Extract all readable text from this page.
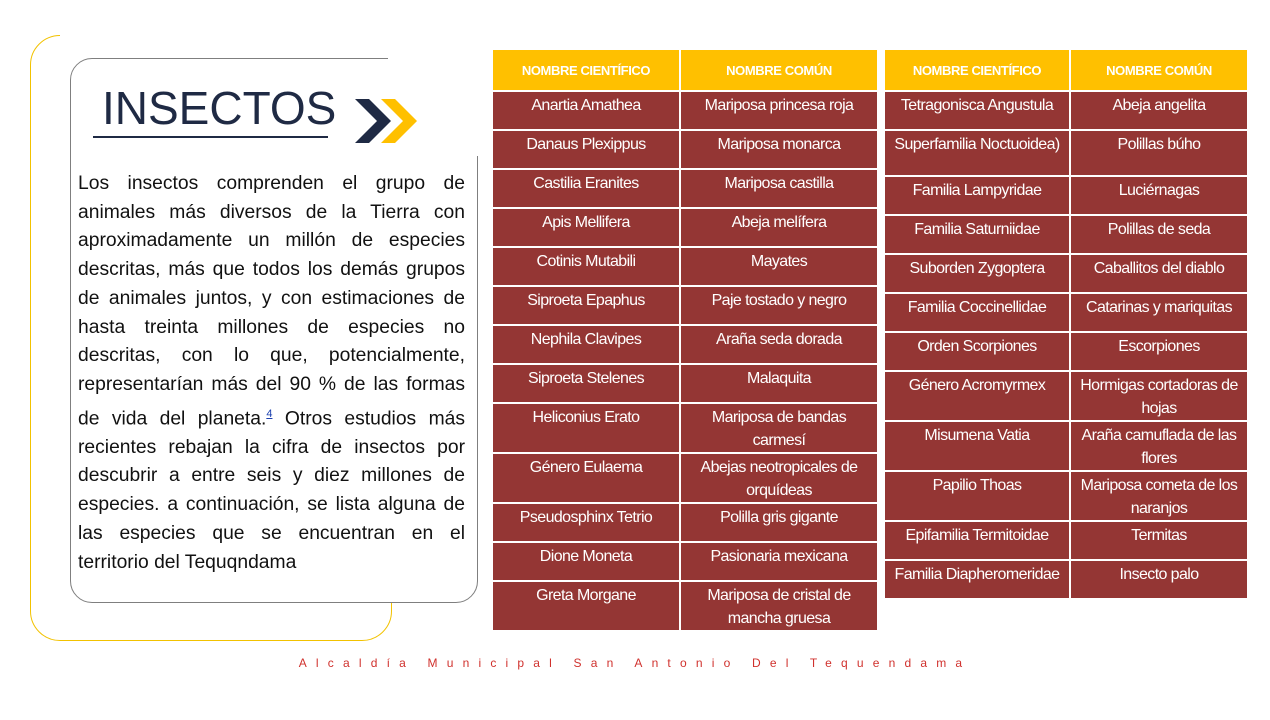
INSECTOS
Los insectos comprenden el grupo de animales más diversos de la Tierra con aproximadamente un millón de especies descritas, más que todos los demás grupos de animales juntos, y con estimaciones de hasta treinta millones de especies no descritas, con lo que, potencialmente, representarían más del 90 % de las formas de vida del planeta.$^4$ Otros estudios más recientes rebajan la cifra de insectos por descubrir a entre seis y diez millones de especies. a continuación, se lista alguna de las especies que se encuentran en el territorio del Tequqndama
NOMBRE CIENTÍFICO	NOMBRE COMÚN
Anartia Amathea	Mariposa princesa roja
Danaus Plexippus	Mariposa monarca
Castilia Eranites	Mariposa castilla
Apis Mellifera	Abeja melífera
Cotinis Mutabili	Mayates
Siproeta Epaphus	Paje tostado y negro
Nephila Clavipes	Araña seda dorada
Siproeta Stelenes	Malaquita
Heliconius Erato	Mariposa de bandas carmesí
Género Eulaema	Abejas neotropicales de orquídeas
Pseudosphinx Tetrio	Polilla gris gigante
Dione Moneta	Pasionaria mexicana
Greta Morgane	Mariposa de cristal de mancha gruesa
NOMBRE CIENTÍFICO	NOMBRE COMÚN
Tetragonisca Angustula	Abeja angelita
Superfamilia Noctuoidea)	Polillas búho
Familia Lampyridae	Luciérnagas
Familia Saturniidae	Polillas de seda
Suborden Zygoptera	Caballitos del diablo
Familia Coccinellidae	Catarinas y mariquitas
Orden Scorpiones	Escorpiones
Género Acromyrmex	Hormigas cortadoras de hojas
Misumena Vatia	Araña camuflada de las flores
Papilio Thoas	Mariposa cometa de los naranjos
Epifamilia Termitoidae	Termitas
Familia Diapheromeridae	Insecto palo
Alcaldía Municipal San Antonio Del Tequendama
